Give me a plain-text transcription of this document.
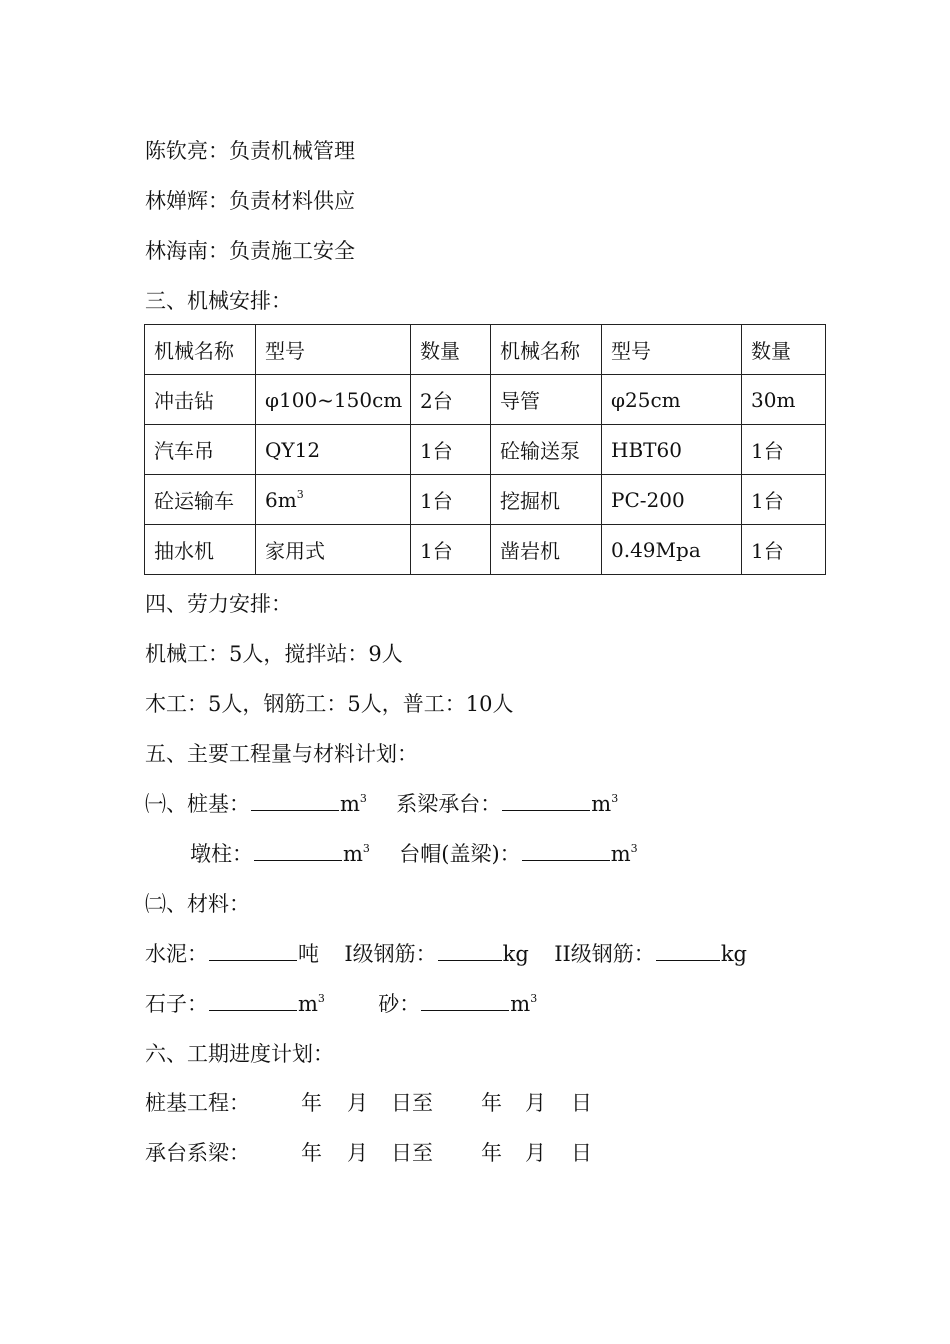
陈钦亮：负责机械管理
林婵辉：负责材料供应
林海南：负责施工安全
三、机械安排：
机械名称	型号	数量	机械名称	型号	数量
冲击钻	φ100~150cm	2台	导管	φ25cm	30m
汽车吊	QY12	1台	砼输送泵	HBT60	1台
砼运输车	$6m^3$	1台	挖掘机	PC-200	1台
抽水机	家用式	1台	凿岩机	0.49Mpa	1台
四、劳力安排：
机械工：5人，搅拌站：9人
木工：5人，钢筋工：5人，普工：10人
五、主要工程量与材料计划：
㈠、桩基：	$m^3$ 系梁承台：	$m^3$
墩柱：	$m^3$ 台帽(盖梁)：	$m^3$
㈡、材料：
水泥：	吨 I级钢筋：	kg II级钢筋：	kg
石子：	$m^3$	砂：	$m^3$
六、工期进度计划：
桩基工程： 年 月 日至 年 月 日
承台系梁： 年 月 日至 年 月 日
